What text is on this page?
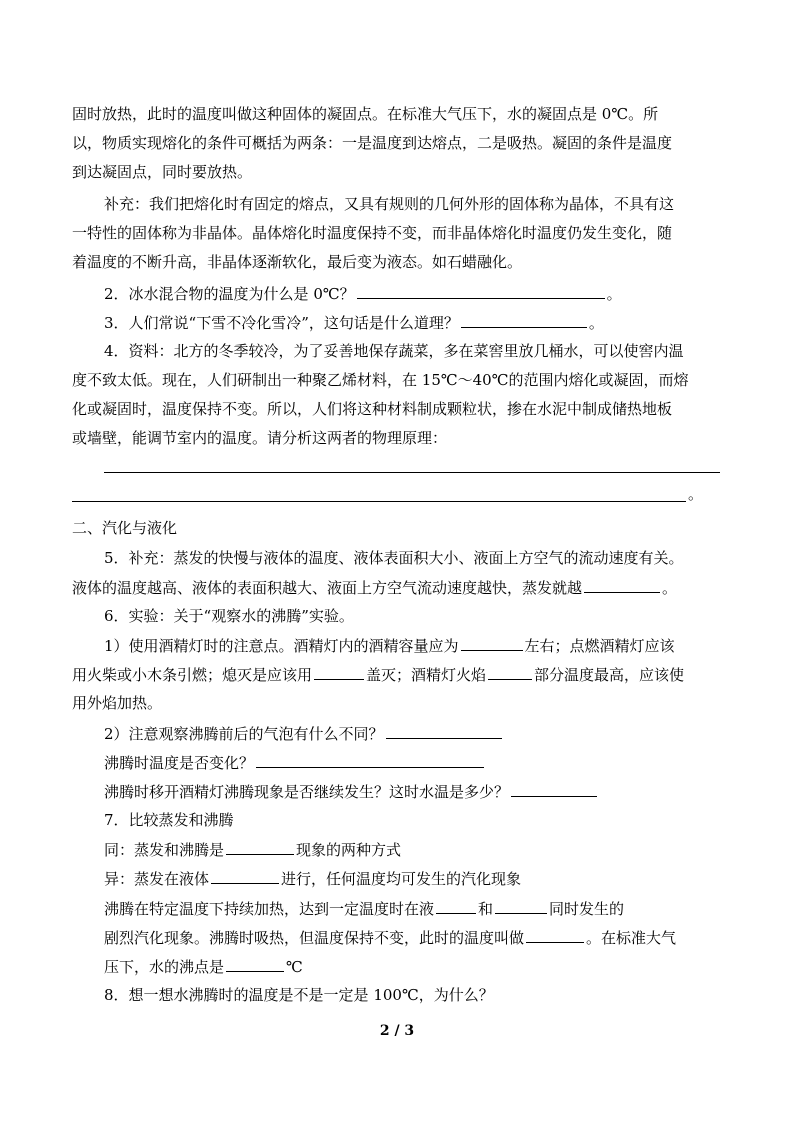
固时放热，此时的温度叫做这种固体的凝固点。在标准大气压下，水的凝固点是 0℃。所
以，物质实现熔化的条件可概括为两条：一是温度到达熔点，二是吸热。凝固的条件是温度
到达凝固点，同时要放热。
补充：我们把熔化时有固定的熔点，又具有规则的几何外形的固体称为晶体，不具有这
一特性的固体称为非晶体。晶体熔化时温度保持不变，而非晶体熔化时温度仍发生变化，随
着温度的不断升高，非晶体逐渐软化，最后变为液态。如石蜡融化。
2．冰水混合物的温度为什么是 0℃？	。
3．人们常说“下雪不冷化雪冷”，这句话是什么道理？	。
4．资料：北方的冬季较冷，为了妥善地保存蔬菜，多在菜窖里放几桶水，可以使窖内温
度不致太低。现在，人们研制出一种聚乙烯材料，在 15℃～40℃的范围内熔化或凝固，而熔
化或凝固时，温度保持不变。所以，人们将这种材料制成颗粒状，掺在水泥中制成储热地板
或墙壁，能调节室内的温度。请分析这两者的物理原理：
。
二、汽化与液化
5．补充：蒸发的快慢与液体的温度、液体表面积大小、液面上方空气的流动速度有关。
液体的温度越高、液体的表面积越大、液面上方空气流动速度越快，蒸发就越	。
6．实验：关于“观察水的沸腾”实验。
1）使用酒精灯时的注意点。酒精灯内的酒精容量应为	左右；点燃酒精灯应该
用火柴或小木条引燃；熄灭是应该用	盖灭；酒精灯火焰	部分温度最高，应该使
用外焰加热。
2）注意观察沸腾前后的气泡有什么不同？
沸腾时温度是否变化？
沸腾时移开酒精灯沸腾现象是否继续发生？这时水温是多少？
7．比较蒸发和沸腾
同：蒸发和沸腾是	现象的两种方式
异：蒸发在液体	进行，任何温度均可发生的汽化现象
沸腾在特定温度下持续加热，达到一定温度时在液	和	同时发生的
剧烈汽化现象。沸腾时吸热，但温度保持不变，此时的温度叫做	。在标准大气
压下，水的沸点是	℃
8．想一想水沸腾时的温度是不是一定是 100℃，为什么？
2 / 3
